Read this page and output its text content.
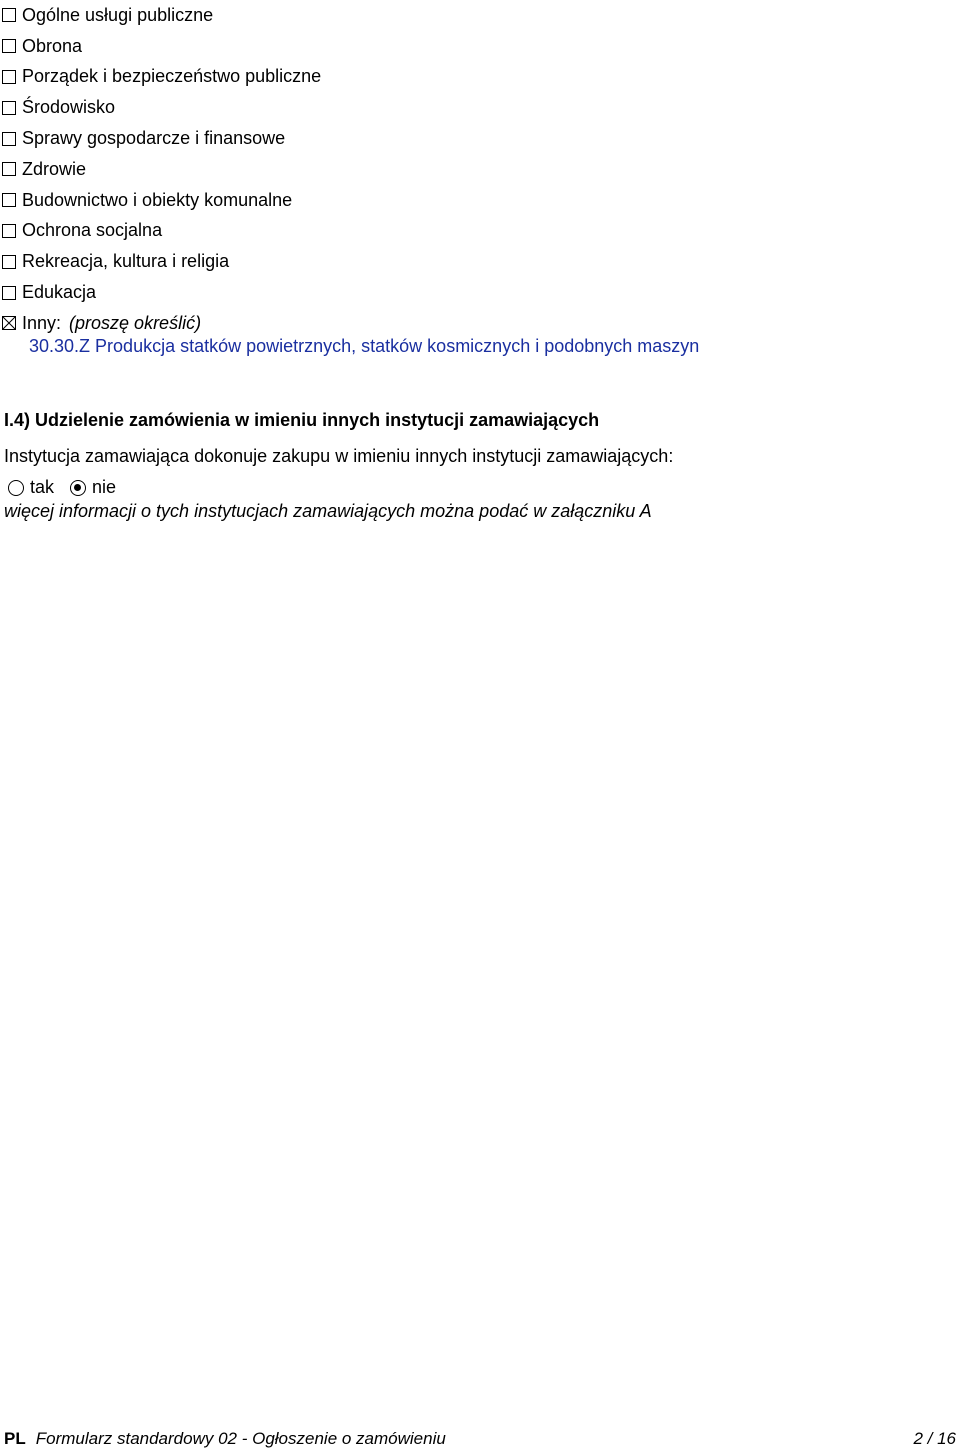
Ogólne usługi publiczne
Obrona
Porządek i bezpieczeństwo publiczne
Środowisko
Sprawy gospodarcze i finansowe
Zdrowie
Budownictwo i obiekty komunalne
Ochrona socjalna
Rekreacja, kultura i religia
Edukacja
Inny: (proszę określić)
30.30.Z Produkcja statków powietrznych, statków kosmicznych i podobnych maszyn
I.4) Udzielenie zamówienia w imieniu innych instytucji zamawiających
Instytucja zamawiająca dokonuje zakupu w imieniu innych instytucji zamawiających:
tak nie
więcej informacji o tych instytucjach zamawiających można podać w załączniku A
PL Formularz standardowy 02 - Ogłoszenie o zamówieniu	2 / 16
